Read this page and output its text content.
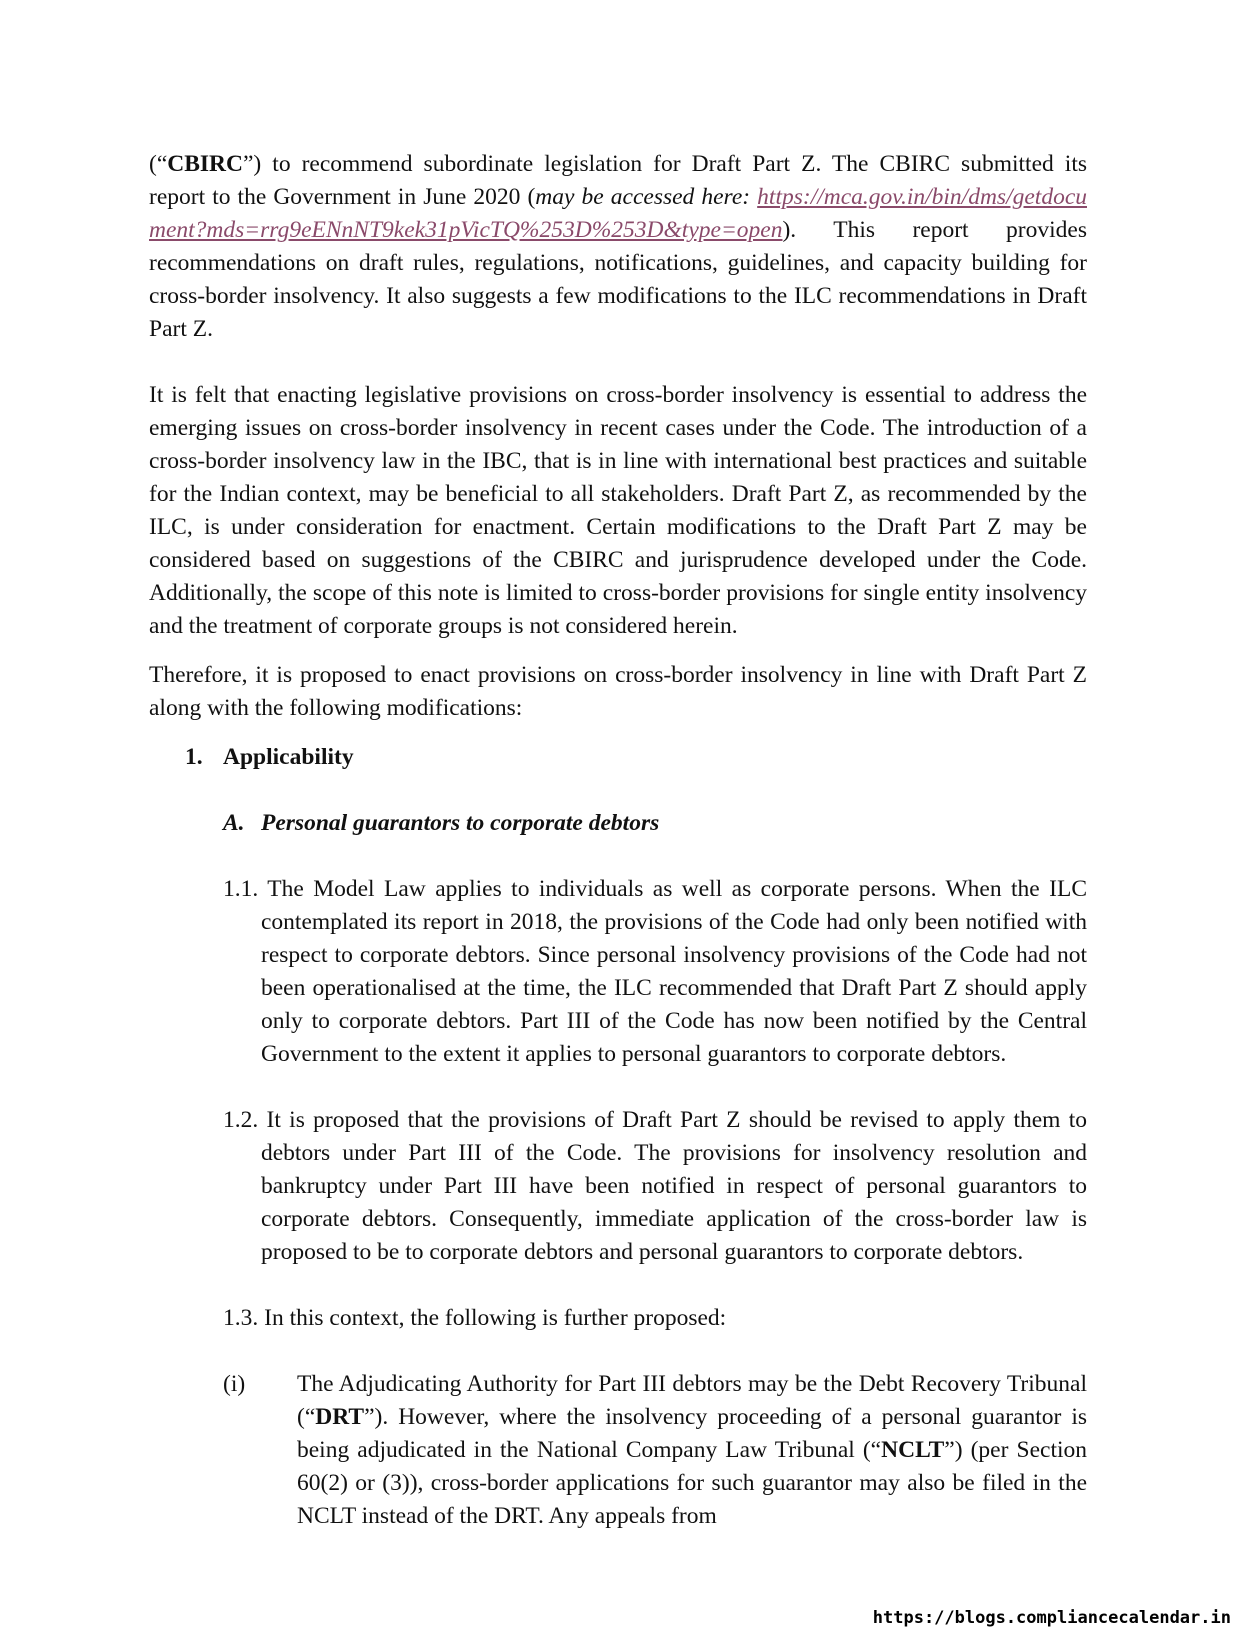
(“CBIRC”) to recommend subordinate legislation for Draft Part Z. The CBIRC submitted its report to the Government in June 2020 (may be accessed here: https://mca.gov.in/bin/dms/getdocument?mds=rrg9eENnNT9kek31pVicTQ%253D%253D&type=open). This report provides recommendations on draft rules, regulations, notifications, guidelines, and capacity building for cross-border insolvency. It also suggests a few modifications to the ILC recommendations in Draft Part Z.

It is felt that enacting legislative provisions on cross-border insolvency is essential to address the emerging issues on cross-border insolvency in recent cases under the Code. The introduction of a cross-border insolvency law in the IBC, that is in line with international best practices and suitable for the Indian context, may be beneficial to all stakeholders. Draft Part Z, as recommended by the ILC, is under consideration for enactment. Certain modifications to the Draft Part Z may be considered based on suggestions of the CBIRC and jurisprudence developed under the Code. Additionally, the scope of this note is limited to cross-border provisions for single entity insolvency and the treatment of corporate groups is not considered herein.

Therefore, it is proposed to enact provisions on cross-border insolvency in line with Draft Part Z along with the following modifications:

1. Applicability
A. Personal guarantors to corporate debtors

1.1. The Model Law applies to individuals as well as corporate persons. When the ILC contemplated its report in 2018, the provisions of the Code had only been notified with respect to corporate debtors. Since personal insolvency provisions of the Code had not been operationalised at the time, the ILC recommended that Draft Part Z should apply only to corporate debtors. Part III of the Code has now been notified by the Central Government to the extent it applies to personal guarantors to corporate debtors.

1.2. It is proposed that the provisions of Draft Part Z should be revised to apply them to debtors under Part III of the Code. The provisions for insolvency resolution and bankruptcy under Part III have been notified in respect of personal guarantors to corporate debtors. Consequently, immediate application of the cross-border law is proposed to be to corporate debtors and personal guarantors to corporate debtors.

1.3. In this context, the following is further proposed:

(i) The Adjudicating Authority for Part III debtors may be the Debt Recovery Tribunal (“DRT”). However, where the insolvency proceeding of a personal guarantor is being adjudicated in the National Company Law Tribunal (“NCLT”) (per Section 60(2) or (3)), cross-border applications for such guarantor may also be filed in the NCLT instead of the DRT. Any appeals from

https://blogs.compliancecalendar.in
